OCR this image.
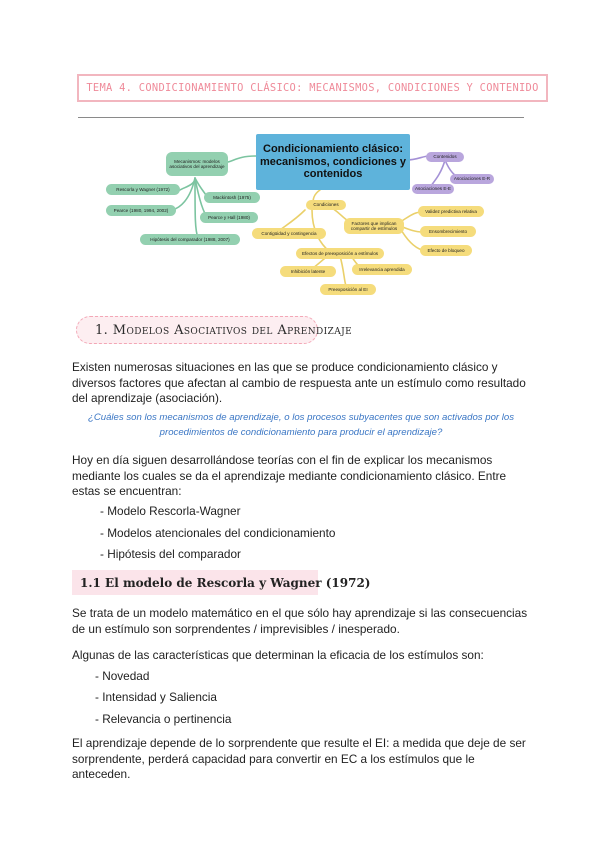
TEMA 4. CONDICIONAMIENTO CLÁSICO: MECANISMOS, CONDICIONES Y CONTENIDO
Condicionamiento clásico: mecanismos, condiciones y contenidos
Mecanismos: modelos asociativos del aprendizaje
Rescorla y Wagner (1972)
Mackintosh (1975)
Pearce (1980, 1994, 2002)
Pearce y Hall (1980)
Hipótesis del comparador (1988, 2007)
Contenidos
Asociaciones E-R
Asociaciones E-E
Condiciones
Factores que implican compartir de estímulos
Contigüidad y contingencia
Validez predictiva relativa
Ensombrecimiento
Efecto de bloqueo
Efectos de preexposición a estímulos
Inhibición latente	Irrelevancia aprendida
Preexposición al EI
1. Modelos Asociativos del Aprendizaje
Existen numerosas situaciones en las que se produce condicionamiento clásico y diversos factores que afectan al cambio de respuesta ante un estímulo como resultado del aprendizaje (asociación).
¿Cuáles son los mecanismos de aprendizaje, o los procesos subyacentes que son activados por los procedimientos de condicionamiento para producir el aprendizaje?
Hoy en día siguen desarrollándose teorías con el fin de explicar los mecanismos mediante los cuales se da el aprendizaje mediante condicionamiento clásico. Entre estas se encuentran:
- Modelo Rescorla-Wagner
- Modelos atencionales del condicionamiento
- Hipótesis del comparador
1.1 El modelo de Rescorla y Wagner (1972)
Se trata de un modelo matemático en el que sólo hay aprendizaje si las consecuencias de un estímulo son sorprendentes / imprevisibles / inesperado.
Algunas de las características que determinan la eficacia de los estímulos son:
- Novedad
- Intensidad y Saliencia
- Relevancia o pertinencia
El aprendizaje depende de lo sorprendente que resulte el EI: a medida que deje de ser sorprendente, perderá capacidad para convertir en EC a los estímulos que le anteceden.
